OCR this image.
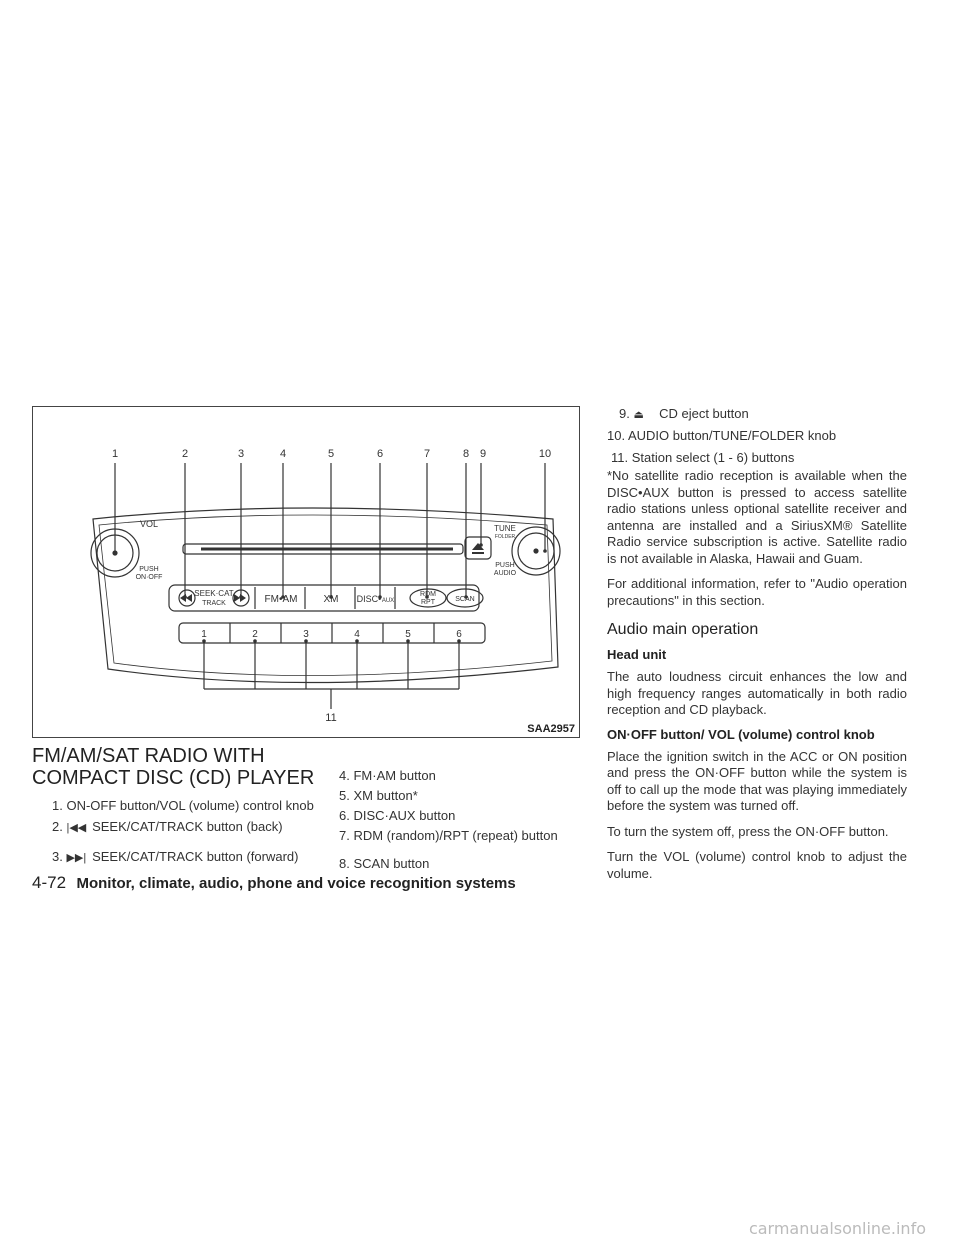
1	2	3	4	5	6	7	8 9	10
11
VOL
PUSH
ON·OFF
TUNE
FOLDER
PUSH
AUDIO
SEEK·CAT
TRACK	FM•AM	XM DISC• AUX
RDM
RPT	SCAN
1	2	3	4	5	6
SAA2957
FM/AM/SAT RADIO WITH
COMPACT DISC (CD) PLAYER
1. ON-OFF button/VOL (volume) control knob
2. |◀◀ SEEK/CAT/TRACK button (back)
3. ▶▶| SEEK/CAT/TRACK button (forward)
4. FM·AM button
5. XM button*
6. DISC·AUX button
7. RDM (random)/RPT (repeat) button
8. SCAN button
9. ⏏ CD eject button
10. AUDIO button/TUNE/FOLDER knob
11. Station select (1 - 6) buttons
*No satellite radio reception is available when the DISC•AUX button is pressed to access satellite radio stations unless optional satellite receiver and antenna are installed and a SiriusXM® Satellite Radio service subscription is active. Satellite radio is not available in Alaska, Hawaii and Guam.
For additional information, refer to "Audio operation precautions" in this section.
Audio main operation
Head unit
The auto loudness circuit enhances the low and high frequency ranges automatically in both radio reception and CD playback.
ON·OFF button/ VOL (volume) control knob
Place the ignition switch in the ACC or ON position and press the ON·OFF button while the system is off to call up the mode that was playing immediately before the system was turned off.
To turn the system off, press the ON·OFF button.
Turn the VOL (volume) control knob to adjust the volume.
4-72 Monitor, climate, audio, phone and voice recognition systems
carmanualsonline.info
